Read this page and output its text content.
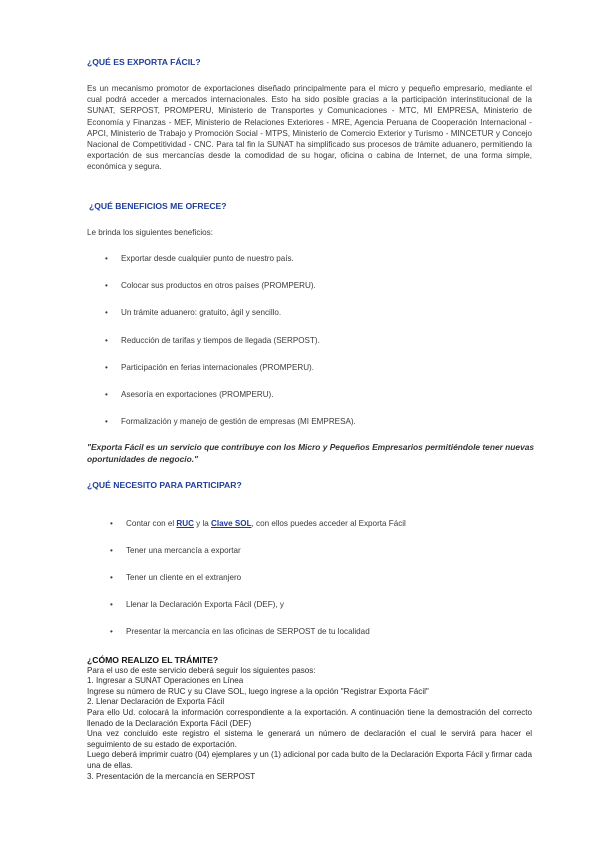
¿QUÉ ES EXPORTA FÁCIL?

Es un mecanismo promotor de exportaciones diseñado principalmente para el micro y pequeño empresario, mediante el cual podrá acceder a mercados internacionales. Esto ha sido posible gracias a la participación interinstitucional de la SUNAT, SERPOST, PROMPERU, Ministerio de Transportes y Comunicaciones - MTC, MI EMPRESA, Ministerio de Economía y Finanzas - MEF, Ministerio de Relaciones Exteriores - MRE, Agencia Peruana de Cooperación Internacional - APCI, Ministerio de Trabajo y Promoción Social - MTPS, Ministerio de Comercio Exterior y Turismo - MINCETUR y Concejo Nacional de Competitividad - CNC. Para tal fin la SUNAT ha simplificado sus procesos de trámite aduanero, permitiendo la exportación de sus mercancías desde la comodidad de su hogar, oficina o cabina de Internet, de una forma simple, económica y segura.

¿QUÉ BENEFICIOS ME OFRECE?

Le brinda los siguientes beneficios:

• Exportar desde cualquier punto de nuestro país.
• Colocar sus productos en otros países (PROMPERU).
• Un trámite aduanero: gratuito, ágil y sencillo.
• Reducción de tarifas y tiempos de llegada (SERPOST).
• Participación en ferias internacionales (PROMPERU).
• Asesoría en exportaciones (PROMPERU).
• Formalización y manejo de gestión de empresas (MI EMPRESA).

"Exporta Fácil es un servicio que contribuye con los Micro y Pequeños Empresarios permitiéndole tener nuevas oportunidades de negocio."

¿QUÉ NECESITO PARA PARTICIPAR?
• Contar con el RUC y la Clave SOL, con ellos puedes acceder al Exporta Fácil
• Tener una mercancía a exportar
• Tener un cliente en el extranjero
• Llenar la Declaración Exporta Fácil (DEF), y
• Presentar la mercancía en las oficinas de SERPOST de tu localidad
¿CÓMO REALIZO EL TRÁMITE?

Para el uso de este servicio deberá seguir los siguientes pasos:

1. Ingresar a SUNAT Operaciones en Línea

Ingrese su número de RUC y su Clave SOL, luego ingrese a la opción "Registrar Exporta Fácil"

2. Llenar Declaración de Exporta Fácil

Para ello Ud. colocará la información correspondiente a la exportación. A continuación tiene la demostración del correcto llenado de la Declaración Exporta Fácil (DEF)

Una vez concluido este registro el sistema le generará un número de declaración el cual le servirá para hacer el seguimiento de su estado de exportación.

Luego deberá imprimir cuatro (04) ejemplares y un (1) adicional por cada bulto de la Declaración Exporta Fácil y firmar cada una de ellas.

3. Presentación de la mercancía en SERPOST
